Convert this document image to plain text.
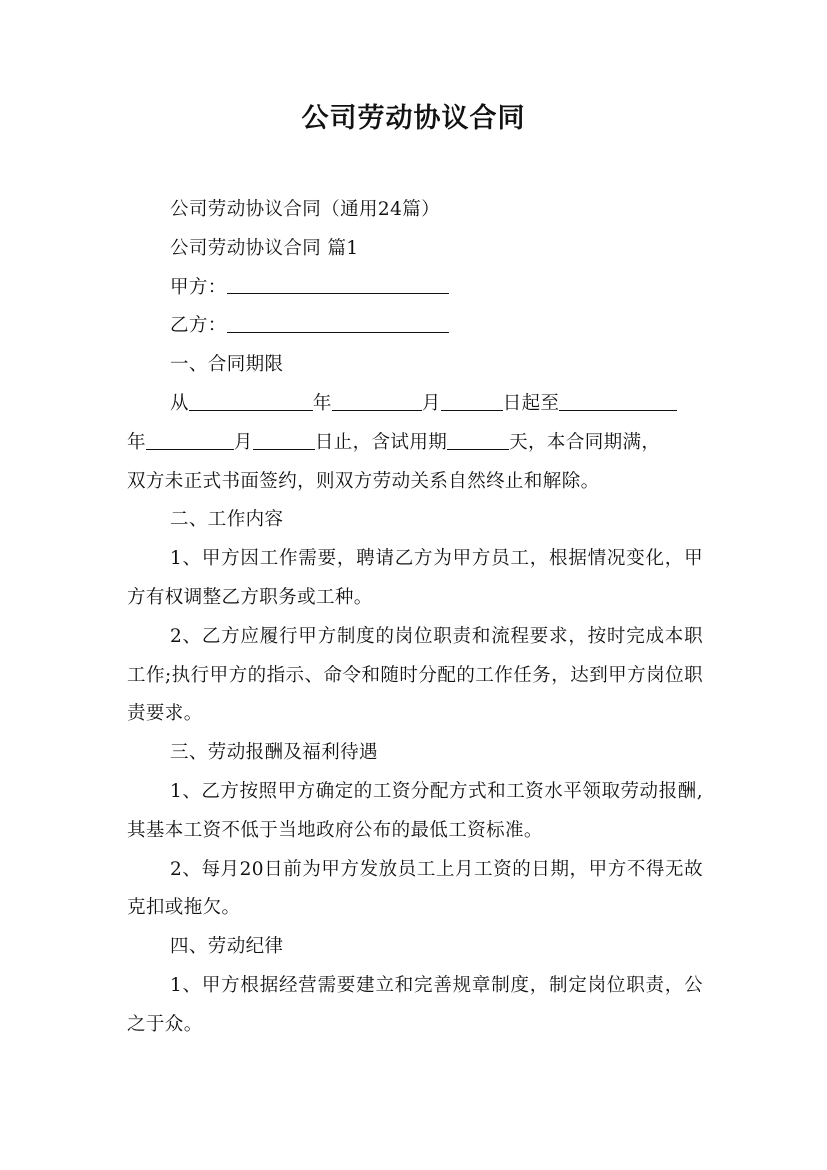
公司劳动协议合同

公司劳动协议合同（通用24篇）

公司劳动协议合同 篇1

甲方：

乙方：

一、合同期限

从	年	月	日起至

年	月	日止，含试用期	天，本合同期满，

双方未正式书面签约，则双方劳动关系自然终止和解除。

二、工作内容

1、甲方因工作需要，聘请乙方为甲方员工，根据情况变化，甲方有权调整乙方职务或工种。

2、乙方应履行甲方制度的岗位职责和流程要求，按时完成本职工作;执行甲方的指示、命令和随时分配的工作任务，达到甲方岗位职责要求。

三、劳动报酬及福利待遇

1、乙方按照甲方确定的工资分配方式和工资水平领取劳动报酬,其基本工资不低于当地政府公布的最低工资标准。

2、每月20日前为甲方发放员工上月工资的日期，甲方不得无故克扣或拖欠。

四、劳动纪律

1、甲方根据经营需要建立和完善规章制度，制定岗位职责，公之于众。
